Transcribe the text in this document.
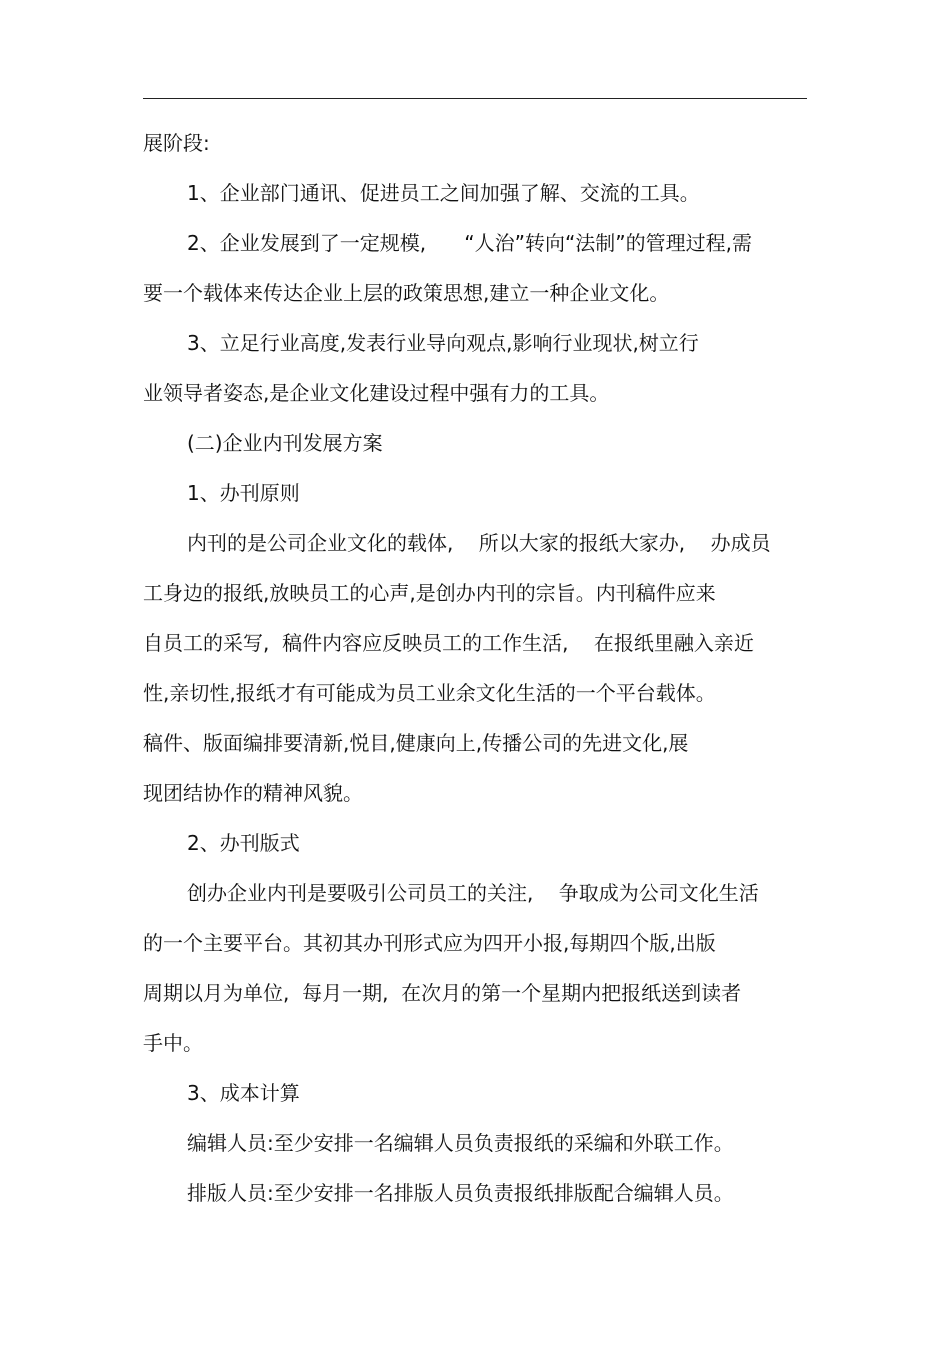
展阶段:
1、企业部门通讯、促进员工之间加强了解、交流的工具。
2、企业发展到了一定规模,      “人治”转向“法制”的管理过程,需
要一个载体来传达企业上层的政策思想,建立一种企业文化。
3、立足行业高度,发表行业导向观点,影响行业现状,树立行
业领导者姿态,是企业文化建设过程中强有力的工具。
(二)企业内刊发展方案
1、办刊原则
内刊的是公司企业文化的载体,    所以大家的报纸大家办,    办成员
工身边的报纸,放映员工的心声,是创办内刊的宗旨。内刊稿件应来
自员工的采写,  稿件内容应反映员工的工作生活,    在报纸里融入亲近
性,亲切性,报纸才有可能成为员工业余文化生活的一个平台载体。
稿件、版面编排要清新,悦目,健康向上,传播公司的先进文化,展
现团结协作的精神风貌。
2、办刊版式
创办企业内刊是要吸引公司员工的关注,    争取成为公司文化生活
的一个主要平台。其初其办刊形式应为四开小报,每期四个版,出版
周期以月为单位,  每月一期,  在次月的第一个星期内把报纸送到读者
手中。
3、成本计算
编辑人员:至少安排一名编辑人员负责报纸的采编和外联工作。
排版人员:至少安排一名排版人员负责报纸排版配合编辑人员。
